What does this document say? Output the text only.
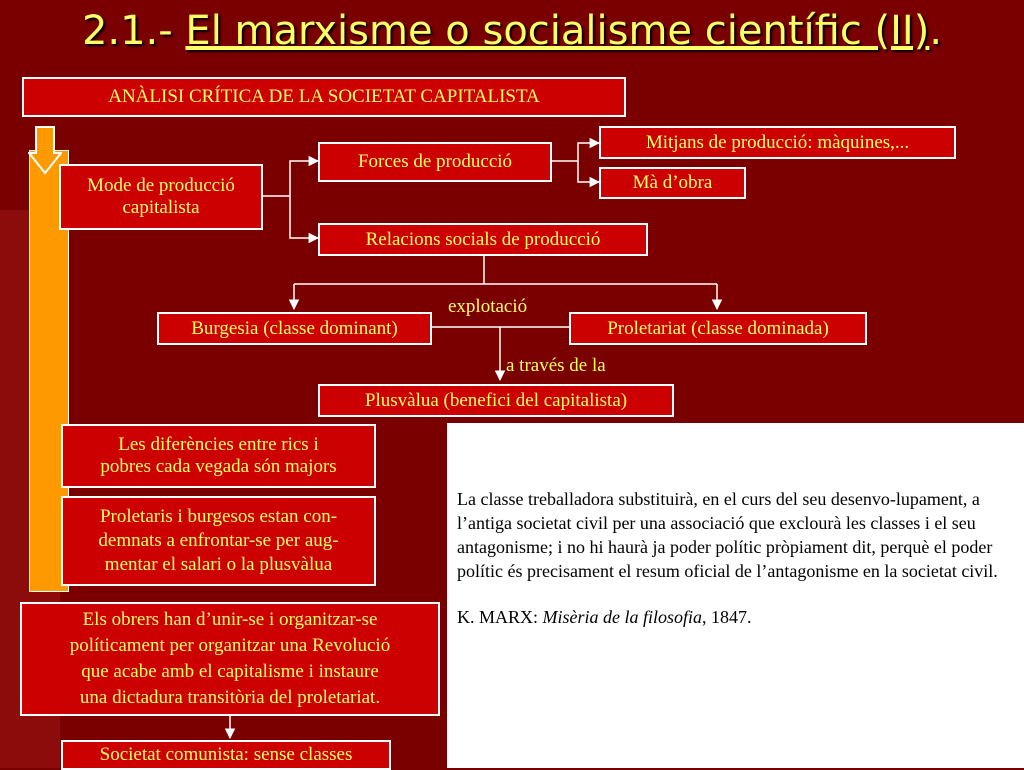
2.1.- El marxisme o socialisme científic (II).
ANÀLISI CRÍTICA DE LA SOCIETAT CAPITALISTA
Mode de producció
capitalista
Forces de producció
Mitjans de producció: màquines,...
Mà d’obra
Relacions socials de producció
explotació
Burgesia (classe dominant)	Proletariat (classe dominada)
a través de la
Plusvàlua (benefici del capitalista)
Les diferències entre rics i
pobres cada vegada són majors
Proletaris i burgesos estan con-
demnats a enfrontar-se per aug-
mentar el salari o la plusvàlua
Els obrers han d’unir-se i organitzar-se
políticament per organitzar una Revolució
que acabe amb el capitalisme i instaure
una dictadura transitòria del proletariat.
Societat comunista: sense classes

La classe treballadora substituirà, en el curs del seu desenvo-lupament, a l’antiga societat civil per una associació que exclourà les classes i el seu antagonisme; i no hi haurà ja poder polític pròpiament dit, perquè el poder polític és precisament el resum oficial de l’antagonisme en la societat civil.

K. MARX: Misèria de la filosofia, 1847.
